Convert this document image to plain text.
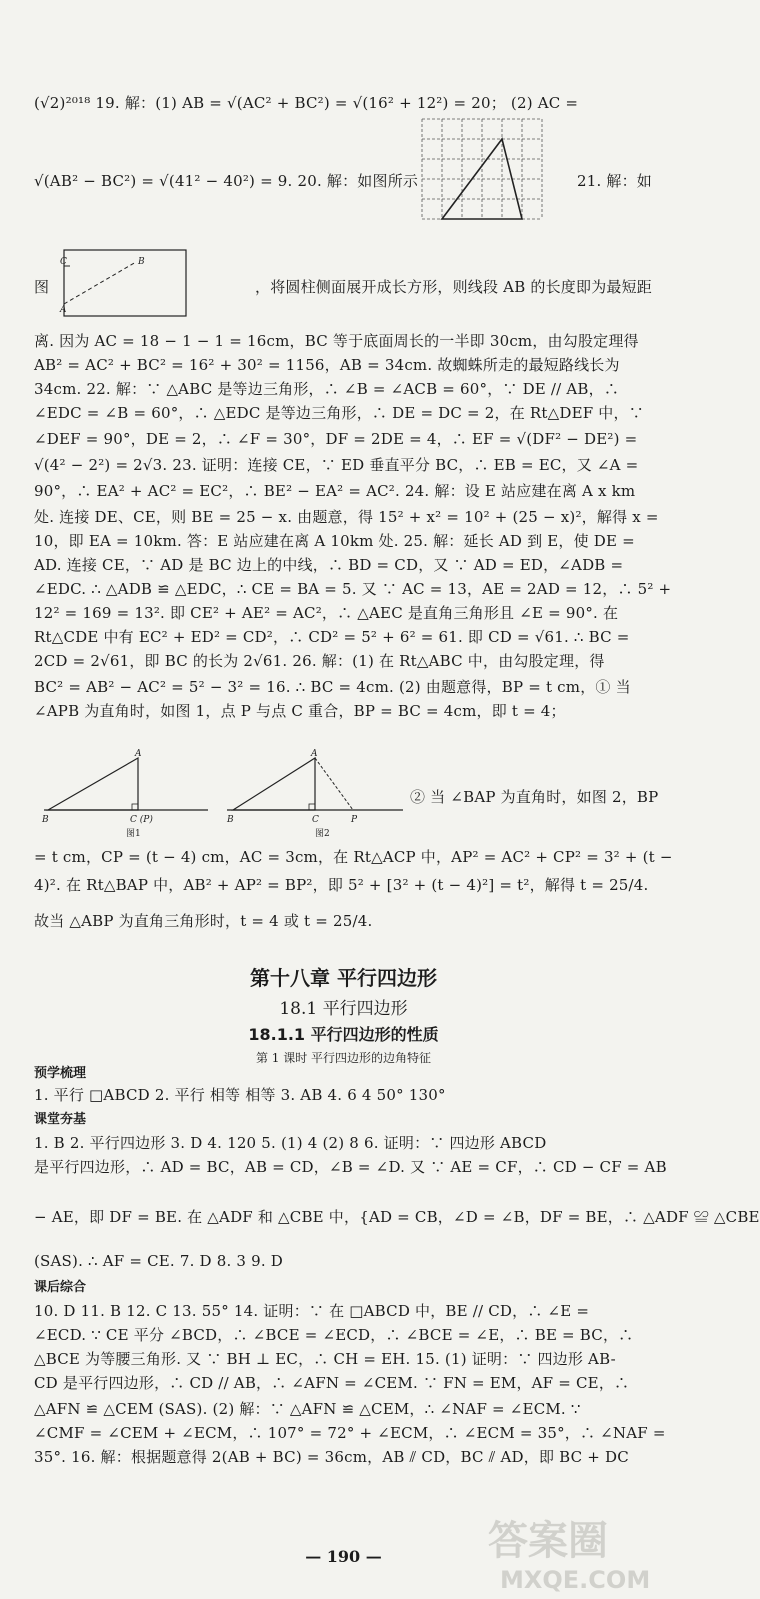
(√2)²⁰¹⁸ 19. 解：(1) AB = √(AC² + BC²) = √(16² + 12²) = 20； (2) AC =
√(AB² − BC²) = √(41² − 40²) = 9. 20. 解：如图所示	21. 解：如
图	，将圆柱侧面展开成长方形，则线段 AB 的长度即为最短距
离. 因为 AC = 18 − 1 − 1 = 16cm，BC 等于底面周长的一半即 30cm，由勾股定理得
AB² = AC² + BC² = 16² + 30² = 1156，AB = 34cm. 故蜘蛛所走的最短路线长为
34cm. 22. 解：∵ △ABC 是等边三角形，∴ ∠B = ∠ACB = 60°，∵ DE // AB，∴
∠EDC = ∠B = 60°，∴ △EDC 是等边三角形，∴ DE = DC = 2，在 Rt△DEF 中，∵
∠DEF = 90°，DE = 2，∴ ∠F = 30°，DF = 2DE = 4，∴ EF = √(DF² − DE²) =
√(4² − 2²) = 2√3. 23. 证明：连接 CE，∵ ED 垂直平分 BC，∴ EB = EC，又 ∠A =
90°，∴ EA² + AC² = EC²，∴ BE² − EA² = AC². 24. 解：设 E 站应建在离 A x km
处. 连接 DE、CE，则 BE = 25 − x. 由题意，得 15² + x² = 10² + (25 − x)²，解得 x =
10，即 EA = 10km. 答：E 站应建在离 A 10km 处. 25. 解：延长 AD 到 E，使 DE =
AD. 连接 CE，∵ AD 是 BC 边上的中线，∴ BD = CD，又 ∵ AD = ED，∠ADB =
∠EDC. ∴ △ADB ≌ △EDC，∴ CE = BA = 5. 又 ∵ AC = 13，AE = 2AD = 12，∴ 5² +
12² = 169 = 13². 即 CE² + AE² = AC²，∴ △AEC 是直角三角形且 ∠E = 90°. 在
Rt△CDE 中有 EC² + ED² = CD²，∴ CD² = 5² + 6² = 61. 即 CD = √61. ∴ BC =
2CD = 2√61，即 BC 的长为 2√61. 26. 解：(1) 在 Rt△ABC 中，由勾股定理，得
BC² = AB² − AC² = 5² − 3² = 16. ∴ BC = 4cm. (2) 由题意得，BP = t cm，① 当
∠APB 为直角时，如图 1，点 P 与点 C 重合，BP = BC = 4cm，即 t = 4；
② 当 ∠BAP 为直角时，如图 2，BP
= t cm，CP = (t − 4) cm，AC = 3cm，在 Rt△ACP 中，AP² = AC² + CP² = 3² + (t −
4)². 在 Rt△BAP 中，AB² + AP² = BP²，即 5² + [3² + (t − 4)²] = t²，解得 t = 25/4.
故当 △ABP 为直角三角形时，t = 4 或 t = 25/4.
1. 平行 □ABCD 2. 平行 相等 相等 3. AB 4. 6 4 50° 130°
1. B 2. 平行四边形 3. D 4. 120 5. (1) 4 (2) 8 6. 证明：∵ 四边形 ABCD
是平行四边形，∴ AD = BC，AB = CD，∠B = ∠D. 又 ∵ AE = CF，∴ CD − CF = AB
− AE，即 DF = BE. 在 △ADF 和 △CBE 中，{AD = CB，∠D = ∠B，DF = BE，∴ △ADF ≌ △CBE
(SAS). ∴ AF = CE. 7. D 8. 3 9. D
10. D 11. B 12. C 13. 55° 14. 证明：∵ 在 □ABCD 中，BE // CD，∴ ∠E =
∠ECD. ∵ CE 平分 ∠BCD，∴ ∠BCE = ∠ECD，∴ ∠BCE = ∠E，∴ BE = BC，∴
△BCE 为等腰三角形. 又 ∵ BH ⊥ EC，∴ CH = EH. 15. (1) 证明：∵ 四边形 AB-
CD 是平行四边形，∴ CD // AB，∴ ∠AFN = ∠CEM. ∵ FN = EM，AF = CE，∴
△AFN ≌ △CEM (SAS). (2) 解：∵ △AFN ≌ △CEM，∴ ∠NAF = ∠ECM. ∵
∠CMF = ∠CEM + ∠ECM，∴ 107° = 72° + ∠ECM，∴ ∠ECM = 35°，∴ ∠NAF =
35°. 16. 解：根据题意得 2(AB + BC) = 36cm，AB ⫽ CD，BC ⫽ AD，即 BC + DC
第十八章 平行四边形
18.1 平行四边形
18.1.1 平行四边形的性质
第 1 课时 平行四边形的边角特征
预学梳理
课堂夯基
课后综合
— 190 —
C	B
A
A
B	C (P)
图1
A
B	C	P
图2
答案圈
MXQE.COM
